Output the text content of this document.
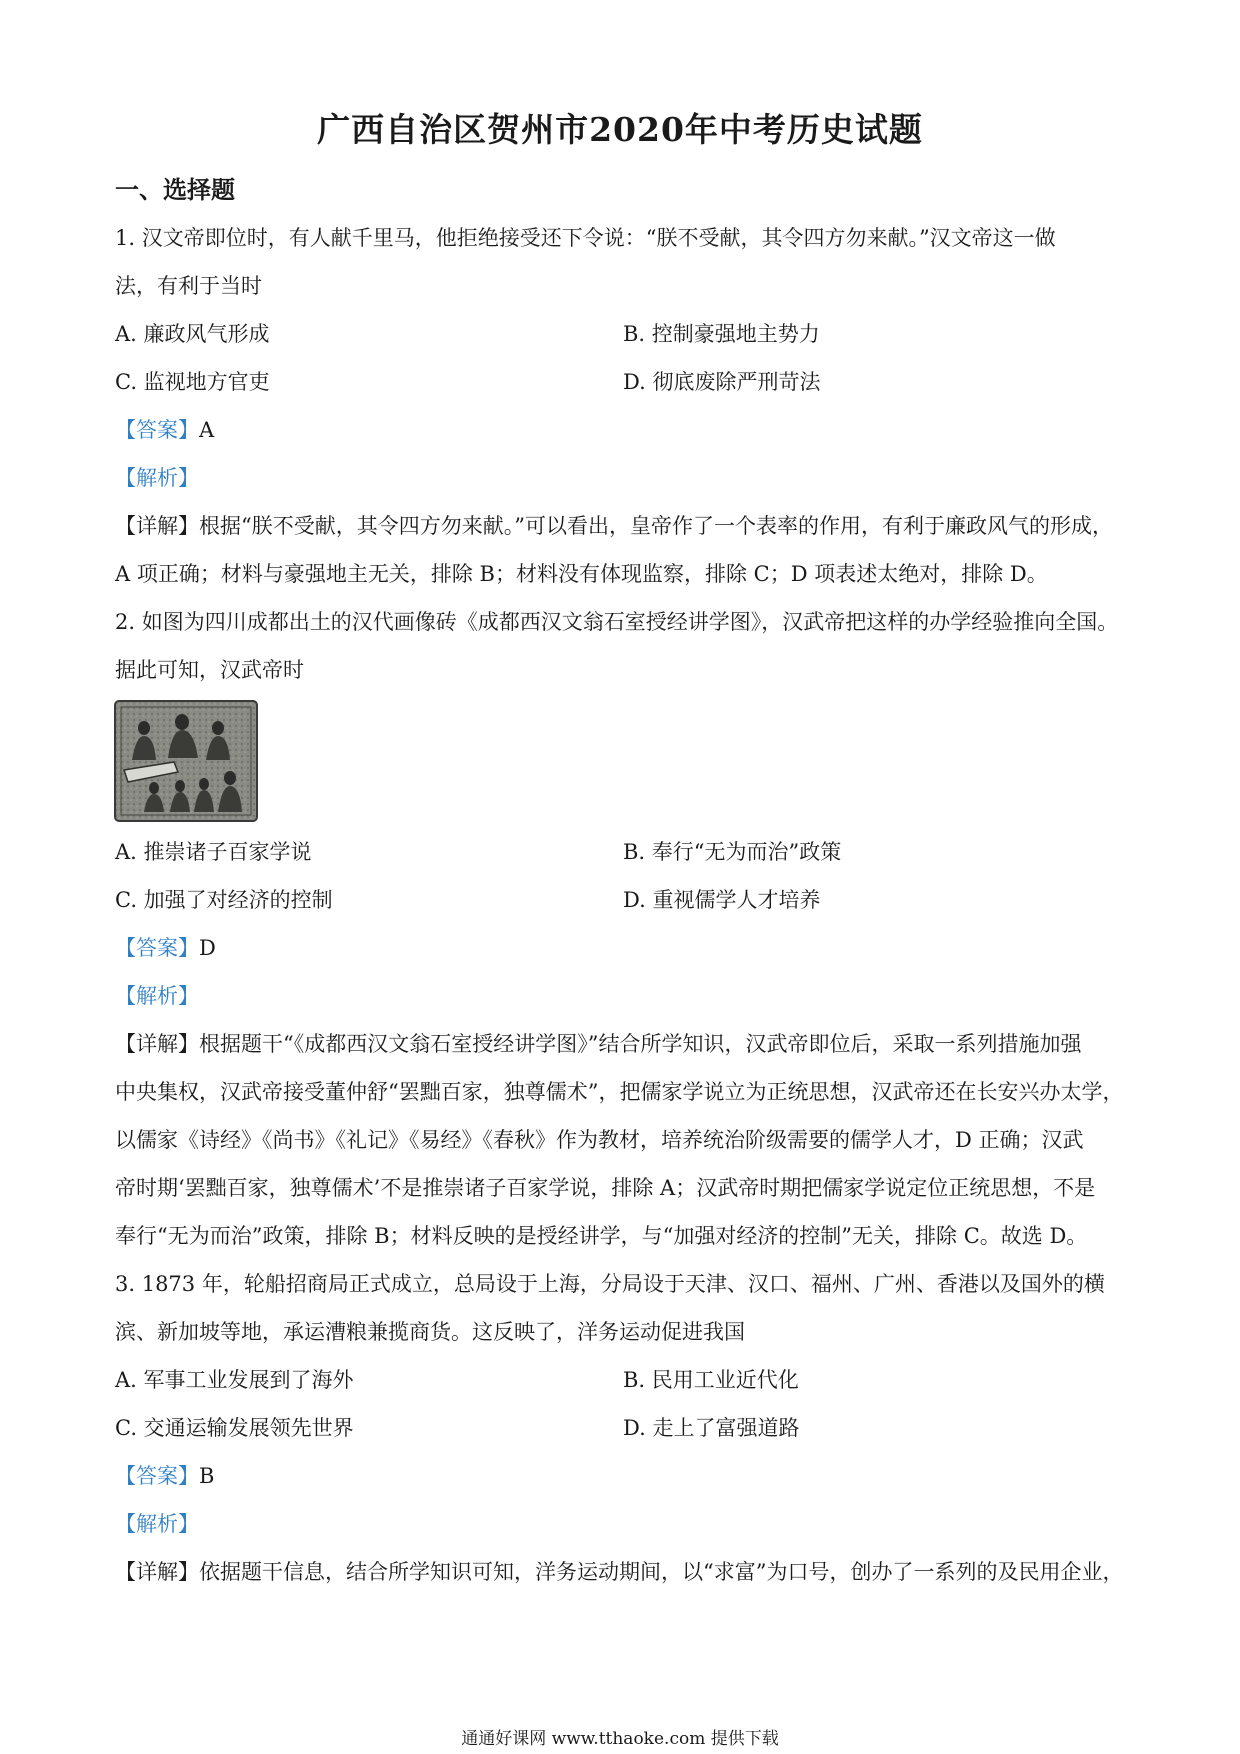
广西自治区贺州市2020年中考历史试题
一、选择题
1. 汉文帝即位时，有人献千里马，他拒绝接受还下令说：“朕不受献，其令四方勿来献。”汉文帝这一做
法，有利于当时
A. 廉政风气形成	B. 控制豪强地主势力
C. 监视地方官吏	D. 彻底废除严刑苛法
【答案】A
【解析】
【详解】根据“朕不受献，其令四方勿来献。”可以看出，皇帝作了一个表率的作用，有利于廉政风气的形成，
A 项正确；材料与豪强地主无关，排除 B；材料没有体现监察，排除 C；D 项表述太绝对，排除 D。
2. 如图为四川成都出土的汉代画像砖《成都西汉文翁石室授经讲学图》，汉武帝把这样的办学经验推向全国。
据此可知，汉武帝时
A. 推崇诸子百家学说	B. 奉行“无为而治”政策
C. 加强了对经济的控制	D. 重视儒学人才培养
【答案】D
【解析】
【详解】根据题干“《成都西汉文翁石室授经讲学图》”结合所学知识，汉武帝即位后，采取一系列措施加强
中央集权，汉武帝接受董仲舒“罢黜百家，独尊儒术”，把儒家学说立为正统思想，汉武帝还在长安兴办太学，
以儒家《诗经》《尚书》《礼记》《易经》《春秋》作为教材，培养统治阶级需要的儒学人才，D 正确；汉武
帝时期‘罢黜百家，独尊儒术’不是推崇诸子百家学说，排除 A；汉武帝时期把儒家学说定位正统思想，不是
奉行“无为而治”政策，排除 B；材料反映的是授经讲学，与“加强对经济的控制”无关，排除 C。故选 D。
3. 1873 年，轮船招商局正式成立，总局设于上海，分局设于天津、汉口、福州、广州、香港以及国外的横
滨、新加坡等地，承运漕粮兼揽商货。这反映了，洋务运动促进我国
A. 军事工业发展到了海外	B. 民用工业近代化
C. 交通运输发展领先世界	D. 走上了富强道路
【答案】B
【解析】
【详解】依据题干信息，结合所学知识可知，洋务运动期间，以“求富”为口号，创办了一系列的及民用企业，
通通好课网 www.tthaoke.com 提供下载
